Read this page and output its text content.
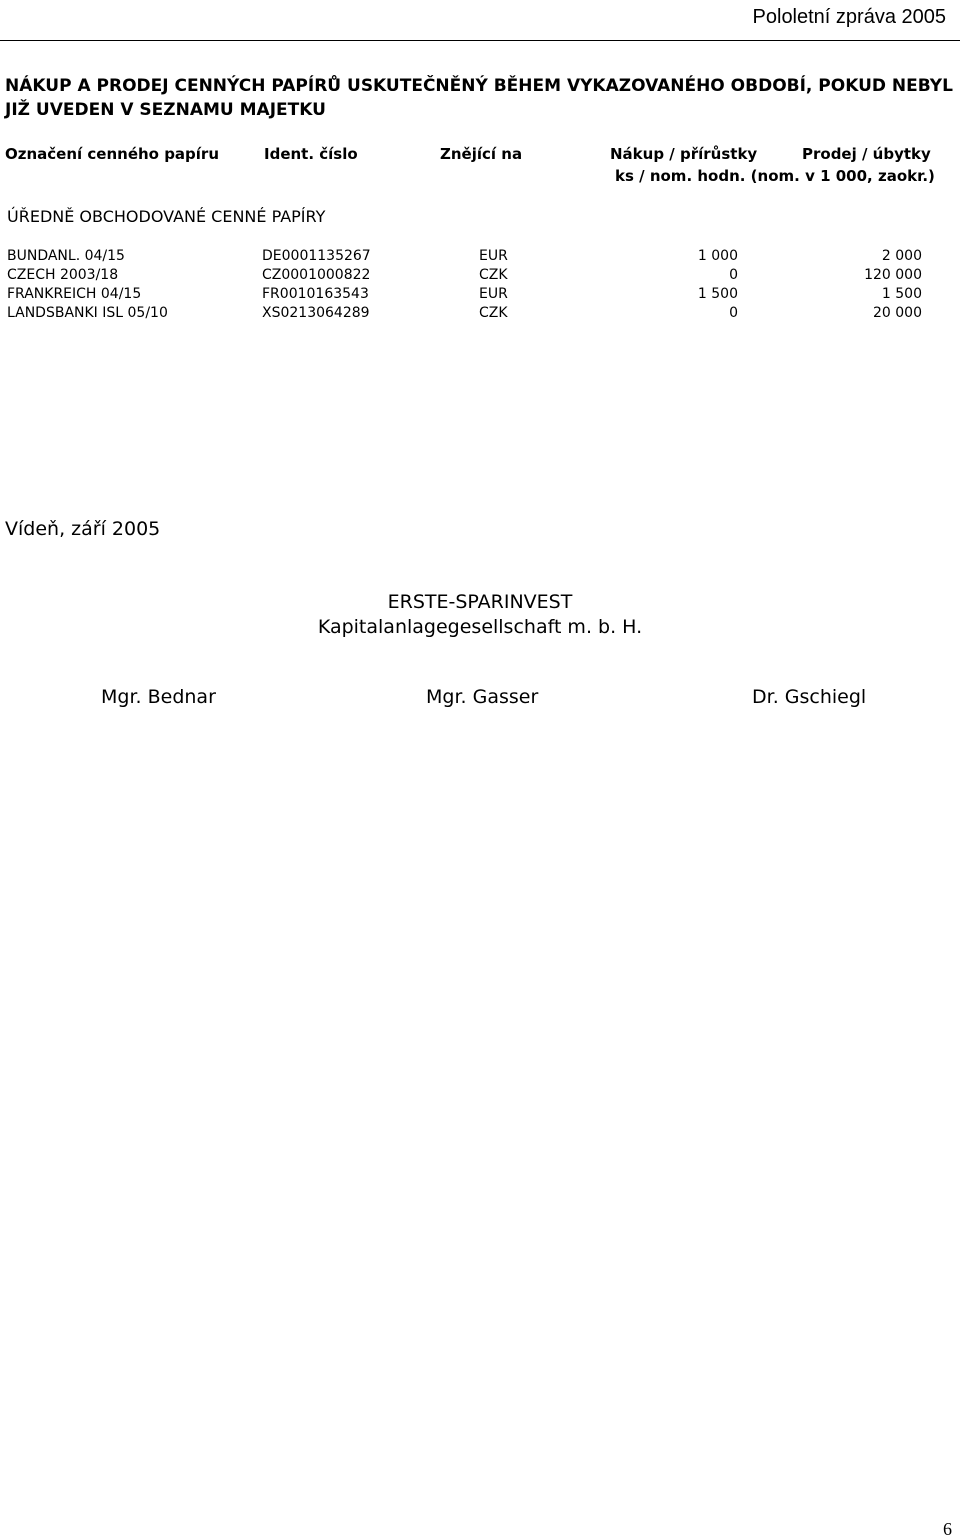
Pololetní zpráva 2005
NÁKUP A PRODEJ CENNÝCH PAPÍRŮ USKUTEČNĚNÝ BĚHEM VYKAZOVANÉHO OBDOBÍ, POKUD NEBYL JIŽ UVEDEN V SEZNAMU MAJETKU
Označení cenného papíru	Ident. číslo	Znějící na	Nákup / přírůstky	Prodej / úbytky
ks / nom. hodn. (nom. v 1 000, zaokr.)
ÚŘEDNĚ OBCHODOVANÉ CENNÉ PAPÍRY
BUNDANL. 04/15	DE0001135267	EUR	1 000	2 000
CZECH 2003/18	CZ0001000822	CZK	0	120 000
FRANKREICH 04/15	FR0010163543	EUR	1 500	1 500
LANDSBANKI ISL 05/10	XS0213064289	CZK	0	20 000
Vídeň, září 2005
ERSTE-SPARINVEST
Kapitalanlagegesellschaft m. b. H.
Mgr. Bednar	Mgr. Gasser	Dr. Gschiegl
6
